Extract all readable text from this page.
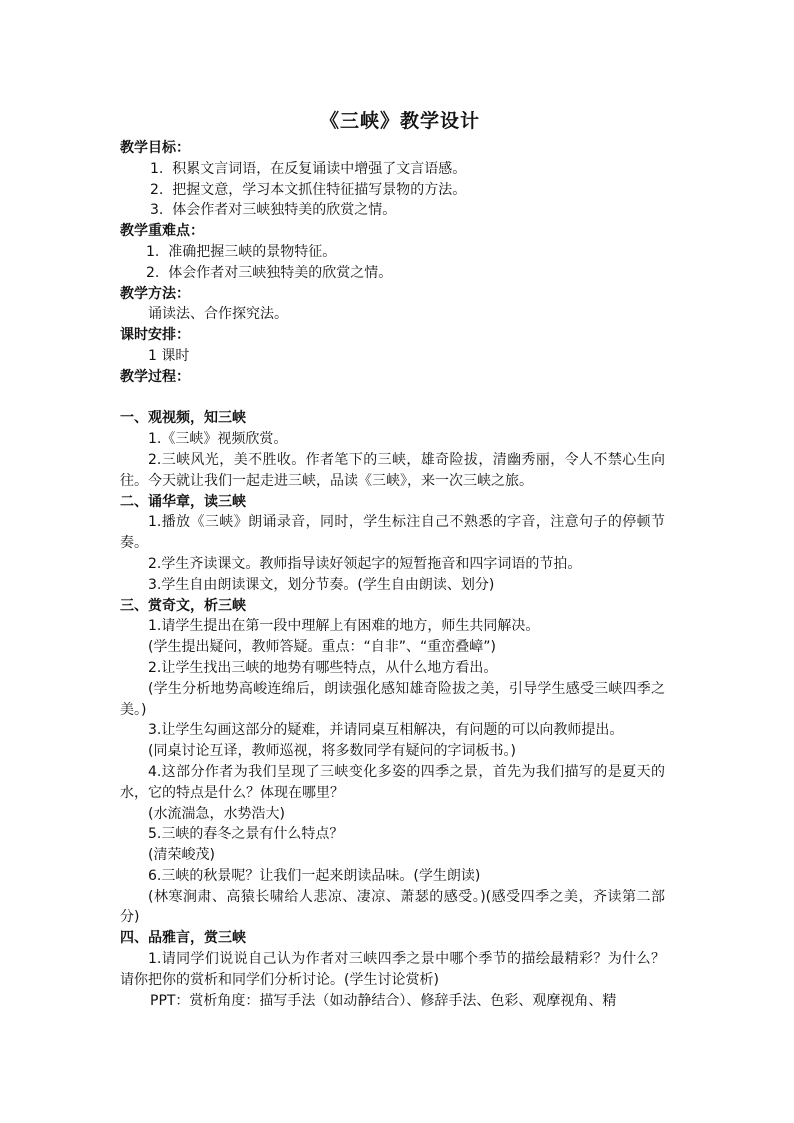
《三峡》教学设计

教学目标：

1.  积累文言词语，在反复诵读中增强了文言语感。

2.  把握文意，学习本文抓住特征描写景物的方法。

3.  体会作者对三峡独特美的欣赏之情。

教学重难点：

1.  准确把握三峡的景物特征。

2.  体会作者对三峡独特美的欣赏之情。

教学方法：

诵读法、合作探究法。

课时安排：

1 课时

教学过程：

一、观视频，知三峡

1.《三峡》视频欣赏。

2.三峡风光，美不胜收。作者笔下的三峡，雄奇险拔，清幽秀丽，令人不禁心生向往。今天就让我们一起走进三峡，品读《三峡》，来一次三峡之旅。

二、诵华章，读三峡

1.播放《三峡》朗诵录音，同时，学生标注自己不熟悉的字音，注意句子的停顿节奏。

2.学生齐读课文。教师指导读好领起字的短暂拖音和四字词语的节拍。

3.学生自由朗读课文，划分节奏。(学生自由朗读、划分)

三、赏奇文，析三峡

1.请学生提出在第一段中理解上有困难的地方，师生共同解决。

(学生提出疑问，教师答疑。重点：“自非”、“重峦叠嶂”)

2.让学生找出三峡的地势有哪些特点，从什么地方看出。

(学生分析地势高峻连绵后，朗读强化感知雄奇险拔之美，引导学生感受三峡四季之美。)

3.让学生勾画这部分的疑难，并请同桌互相解决，有问题的可以向教师提出。

(同桌讨论互译，教师巡视，将多数同学有疑问的字词板书。)

4.这部分作者为我们呈现了三峡变化多姿的四季之景，首先为我们描写的是夏天的水，它的特点是什么？体现在哪里？

(水流湍急，水势浩大)

5.三峡的春冬之景有什么特点？

(清荣峻茂)

6.三峡的秋景呢？让我们一起来朗读品味。(学生朗读)

(林寒涧肃、高猿长啸给人悲凉、凄凉、萧瑟的感受。)(感受四季之美，齐读第二部分)

四、品雅言，赏三峡

1.请同学们说说自己认为作者对三峡四季之景中哪个季节的描绘最精彩？为什么？请你把你的赏析和同学们分析讨论。(学生讨论赏析)

PPT：赏析角度：描写手法（如动静结合）、修辞手法、色彩、观摩视角、精
